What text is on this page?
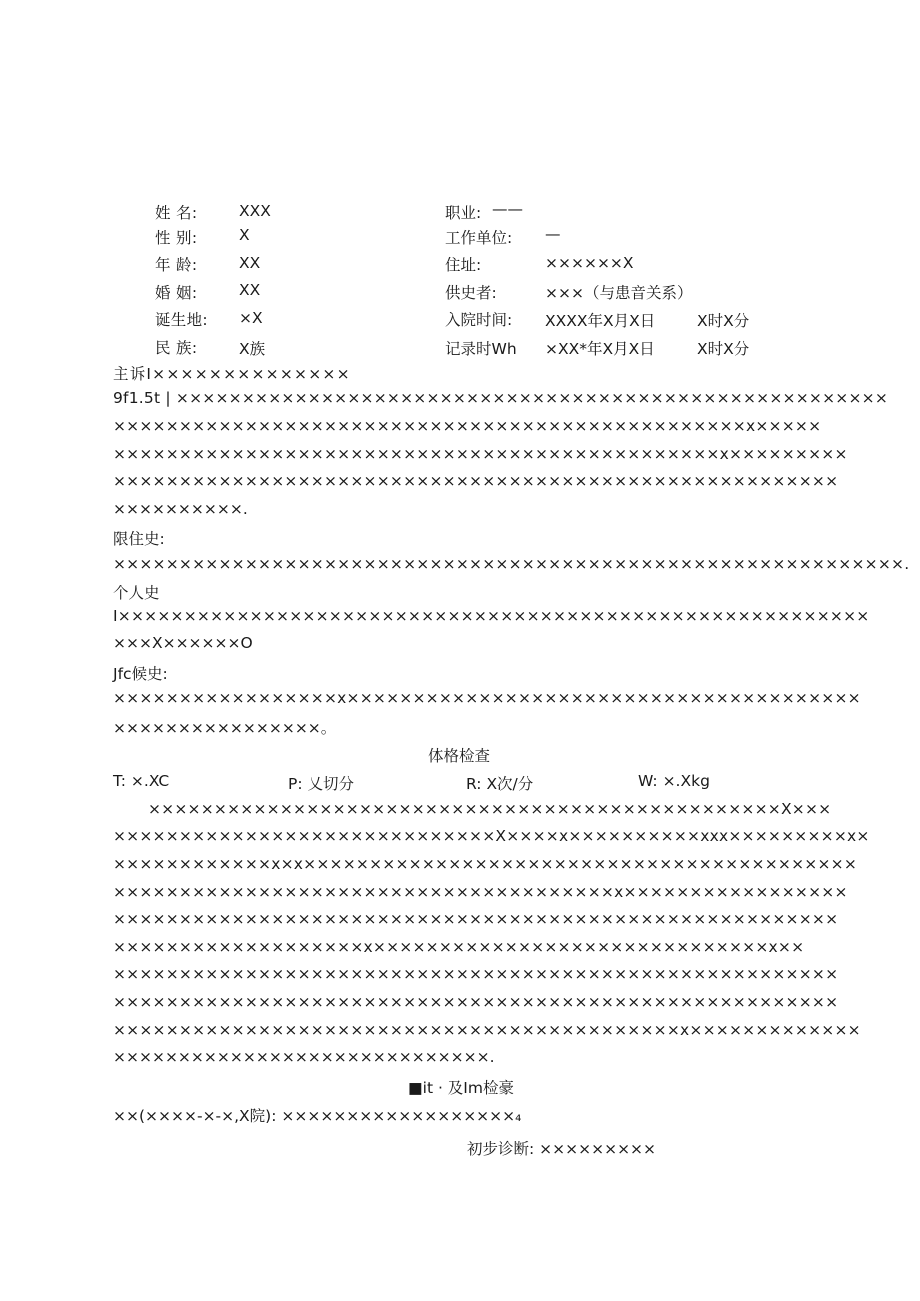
姓 名:	XXX
性 别:	X
年 龄:	XX
婚 姻:	XX
诞生地: ×X
民 族:	X族
职业: ——
工作单位: —
住址:	××××××X
供史者:	×××（与患音关系）
入院时间: XXXX年X月X日	X时X分
记录时Wh ×XX*年X月X日	X时X分
主诉I××××××××××××××
9f1.5t | ××××××××××××××××××××××××××××××××××××××××××××××××××××××
××××××××××××××××××××××××××××××××××××××××××××××××x×××××
××××××××××××××××××××××××××××××××××××××××××××××x×××××××××
×××××××××××××××××××××××××××××××××××××××××××××××××××××××
××××××××××.
限住史:
××××××××××××××××××××××××××××××××××××××××××××××××××××××××××××.
个人史
I×××××××××××××××××××××××××××××××××××××××××××××××××××××××××
×××X××××××O
Jfc候史:
×××××××××××××××××x×××××××××××××××××××××××××××××××××××××××
××××××××××××××××。
体格检查
T: ×.XC	P: 乂切分	R: X次/分	W: ×.Xkg
××××××××××××××××××××××××××××××××××××××××××××××××X×××
×××××××××××××××××××××××××××××X××××x××××××××××xxx×××××××××x×
××××××××××××x×x××××××××××××××××××××××××××××××××××××××××××
××××××××××××××××××××××××××××××××××××××x×××××××××××××××××
×××××××××××××××××××××××××××××××××××××××××××××××××××××××
×××××××××××××××××××x××××××××××××××××××××××××××××××x××
×××××××××××××××××××××××××××××××××××××××××××××××××××××××
×××××××××××××××××××××××××××××××××××××××××××××××××××××××
×××××××××××××××××××××××××××××××××××××××××××x×××××××××××××
×××××××××××××××××××××××××××××.
■it · 及Im检豪
××(××××-×-×,X院): ××××××××××××××××××₄
初步诊断: ×××××××××
